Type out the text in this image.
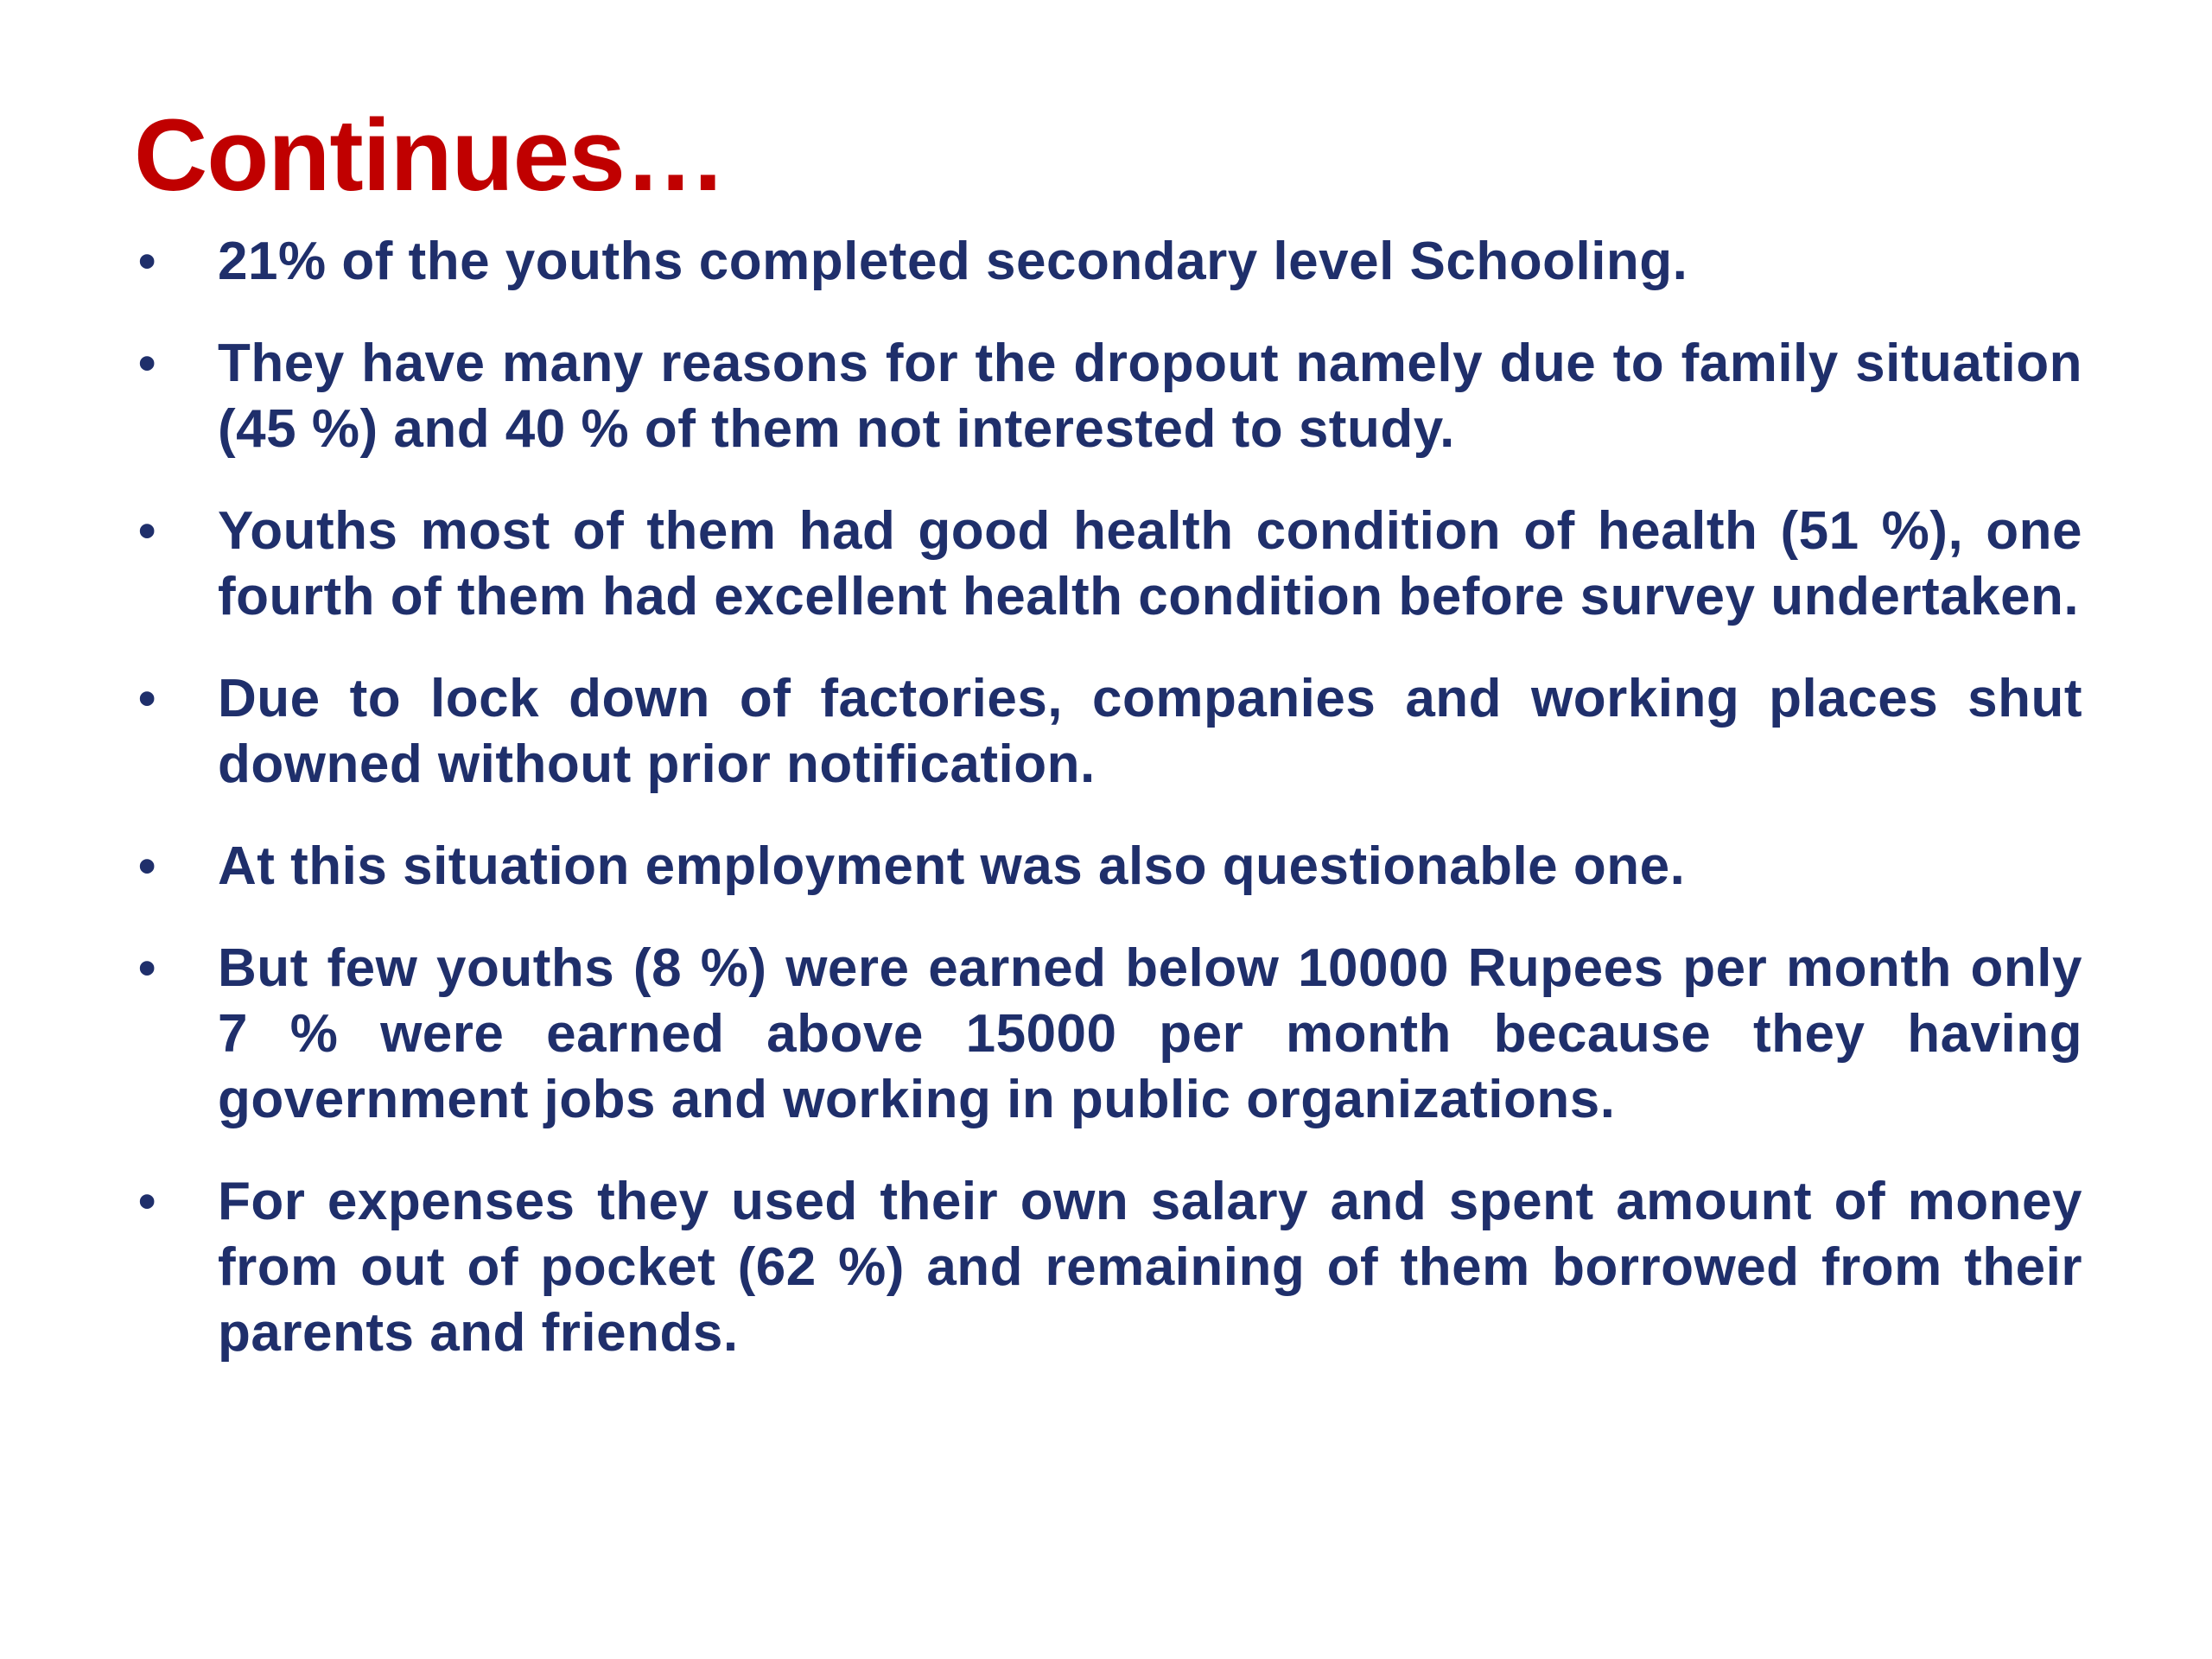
Continues…
• 21% of the youths completed secondary level Schooling.
• They have many reasons for the dropout namely due to family situation (45 %) and 40 % of them not interested to study.
• Youths most of them had good health condition of health (51 %), one fourth of them had excellent health condition before survey undertaken.
• Due to lock down of factories, companies and working places shut downed without prior notification.
• At this situation employment was also questionable one.
• But few youths (8 %) were earned below 10000 Rupees per month only 7 % were earned above 15000 per month because they having government jobs and working in public organizations.
• For expenses they used their own salary and spent amount of money from out of pocket (62 %) and remaining of them borrowed from their parents and friends.
